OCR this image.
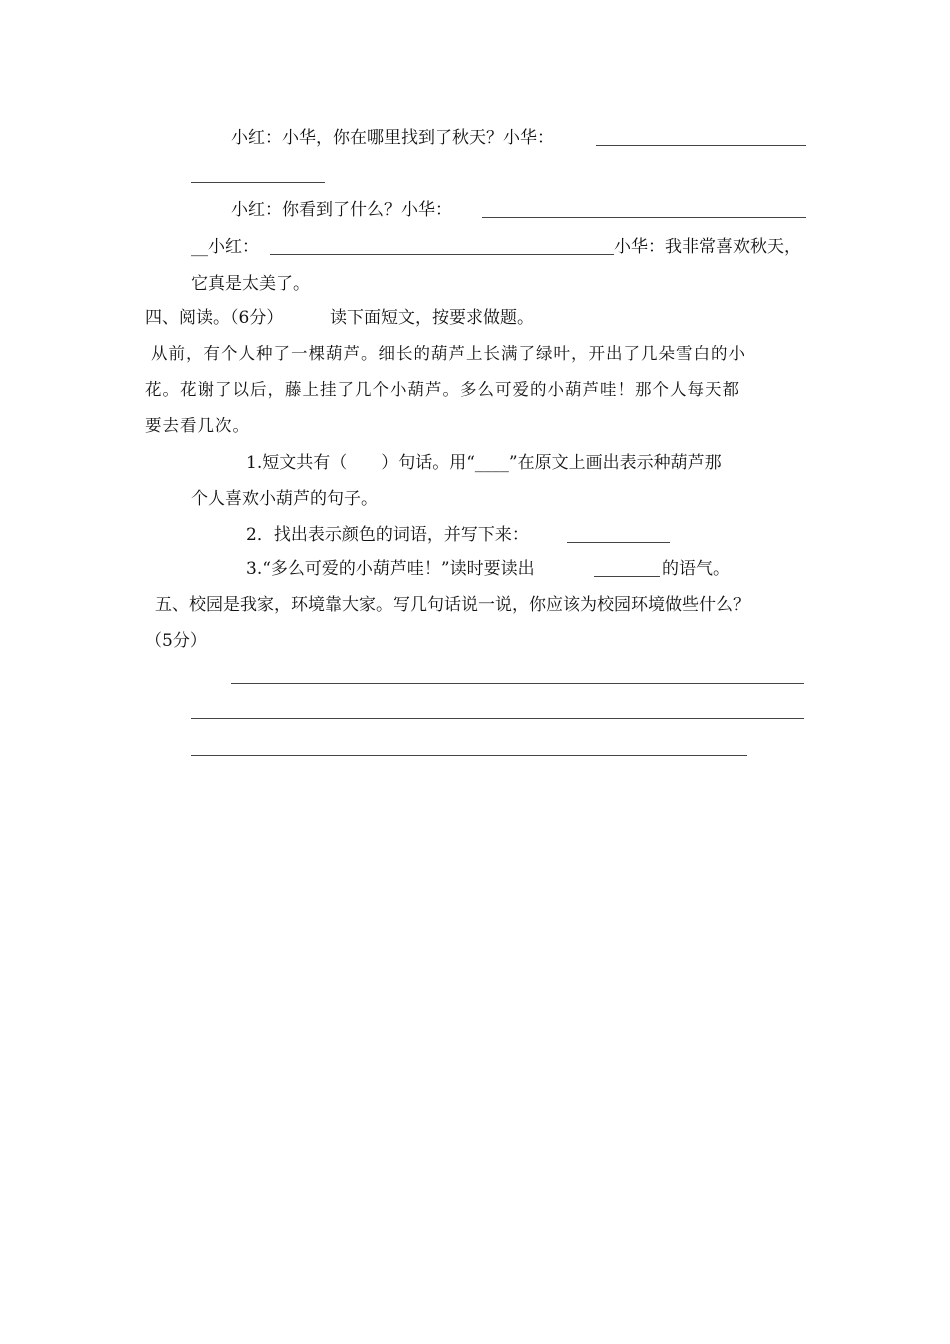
小红：小华，你在哪里找到了秋天？小华：
小红：你看到了什么？小华：
__小红：	小华：我非常喜欢秋天，
它真是太美了。
四、阅读。（6分）	读下面短文，按要求做题。
从前，有个人种了一棵葫芦。细长的葫芦上长满了绿叶，开出了几朵雪白的小
花。花谢了以后，藤上挂了几个小葫芦。多么可爱的小葫芦哇！那个人每天都
要去看几次。
1.短文共有（　　）句话。用“____”在原文上画出表示种葫芦那
个人喜欢小葫芦的句子。
2．找出表示颜色的词语，并写下来：
3.“多么可爱的小葫芦哇！”读时要读出	的语气。
五、校园是我家，环境靠大家。写几句话说一说，你应该为校园环境做些什么？
（5分）
